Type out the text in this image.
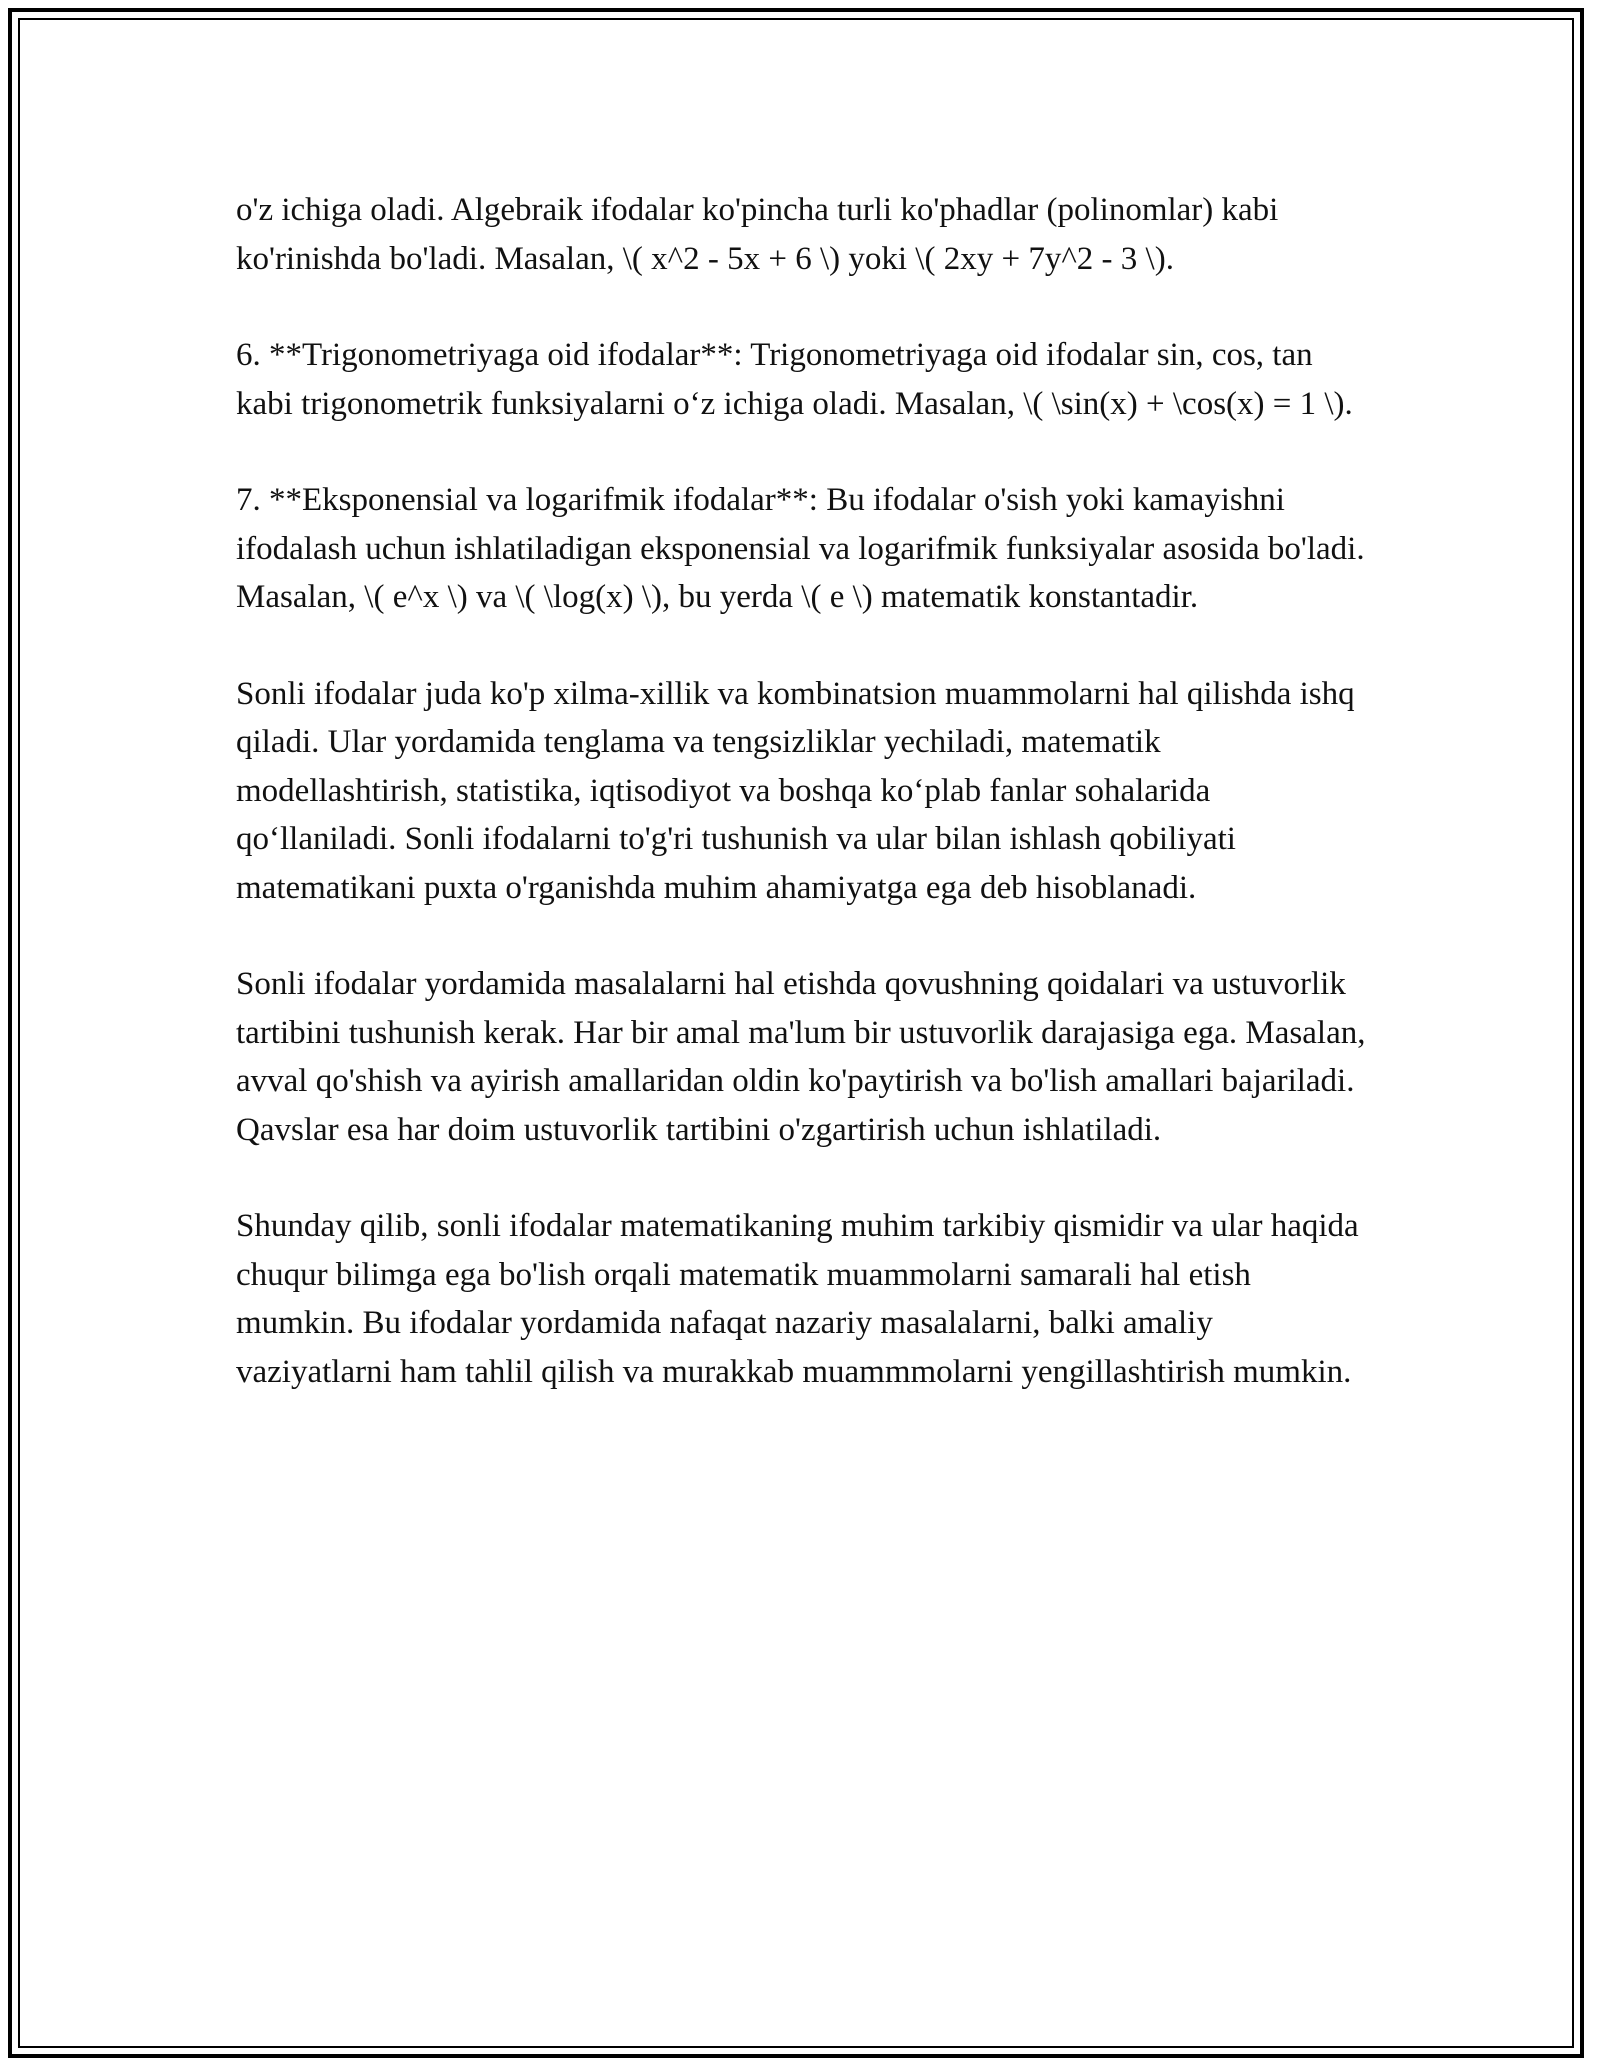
o'z ichiga oladi. Algebraik ifodalar ko'pincha turli ko'phadlar (polinomlar) kabi ko'rinishda bo'ladi. Masalan, \( x^2 - 5x + 6 \) yoki \( 2xy + 7y^2 - 3 \).

6. **Trigonometriyaga oid ifodalar**: Trigonometriyaga oid ifodalar sin, cos, tan kabi trigonometrik funksiyalarni o‘z ichiga oladi. Masalan, \( \sin(x) + \cos(x) = 1 \).

7. **Eksponensial va logarifmik ifodalar**: Bu ifodalar o'sish yoki kamayishni ifodalash uchun ishlatiladigan eksponensial va logarifmik funksiyalar asosida bo'ladi. Masalan, \( e^x \) va \( \log(x) \), bu yerda \( e \) matematik konstantadir.

Sonli ifodalar juda ko'p xilma-xillik va kombinatsion muammolarni hal qilishda ishq qiladi. Ular yordamida tenglama va tengsizliklar yechiladi, matematik modellashtirish, statistika, iqtisodiyot va boshqa ko‘plab fanlar sohalarida qo‘llaniladi. Sonli ifodalarni to'g'ri tushunish va ular bilan ishlash qobiliyati matematikani puxta o'rganishda muhim ahamiyatga ega deb hisoblanadi.

Sonli ifodalar yordamida masalalarni hal etishda qovushning qoidalari va ustuvorlik tartibini tushunish kerak. Har bir amal ma'lum bir ustuvorlik darajasiga ega. Masalan, avval qo'shish va ayirish amallaridan oldin ko'paytirish va bo'lish amallari bajariladi. Qavslar esa har doim ustuvorlik tartibini o'zgartirish uchun ishlatiladi.

Shunday qilib, sonli ifodalar matematikaning muhim tarkibiy qismidir va ular haqida chuqur bilimga ega bo'lish orqali matematik muammolarni samarali hal etish mumkin. Bu ifodalar yordamida nafaqat nazariy masalalarni, balki amaliy vaziyatlarni ham tahlil qilish va murakkab muammmolarni yengillashtirish mumkin.
